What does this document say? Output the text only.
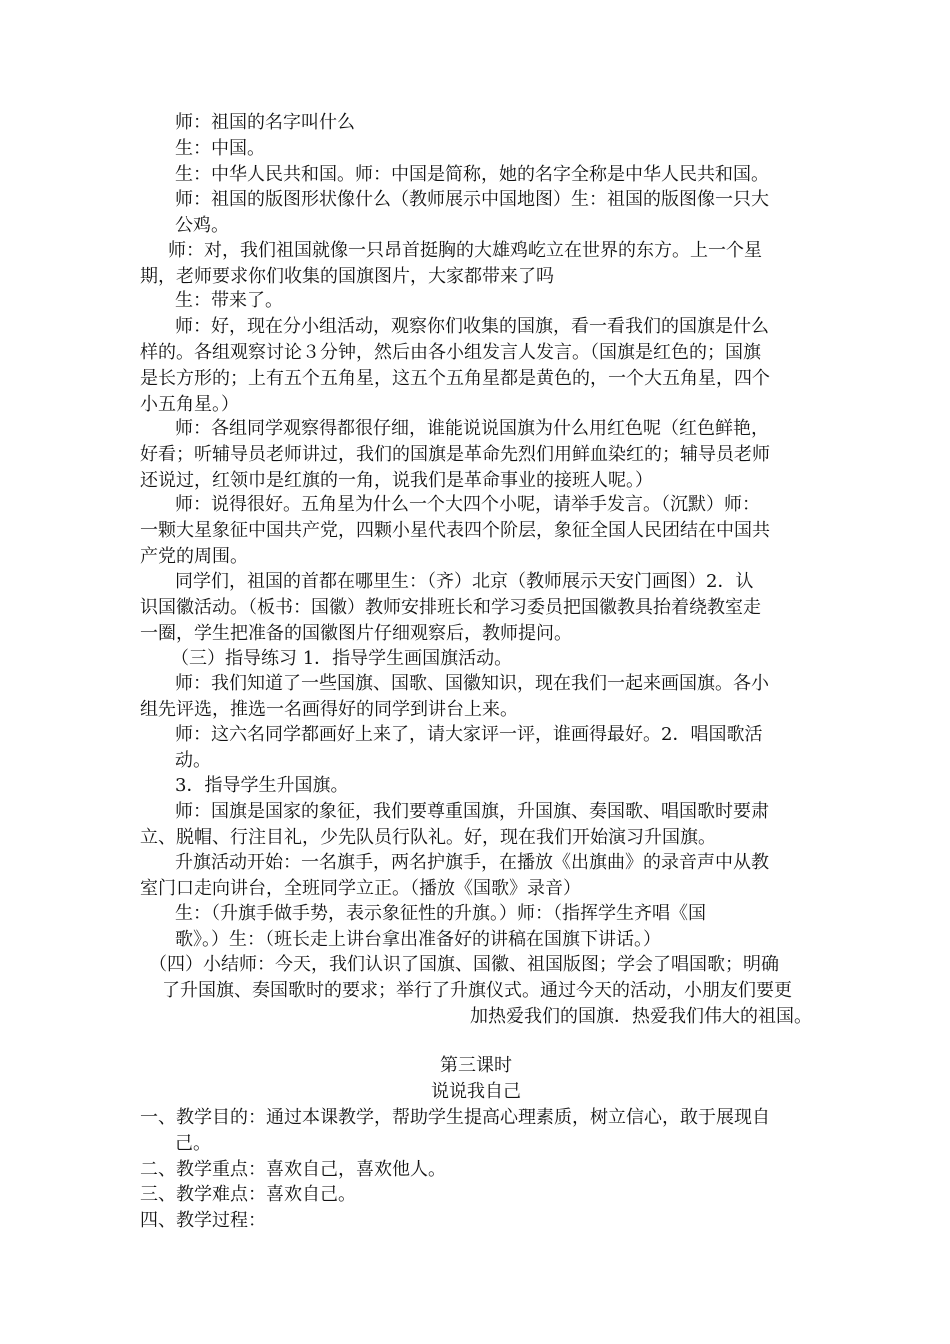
师：祖国的名字叫什么

生：中国。

生：中华人民共和国。师：中国是简称，她的名字全称是中华人民共和国。

师：祖国的版图形状像什么（教师展示中国地图）生：祖国的版图像一只大
公鸡。

师：对，我们祖国就像一只昂首挺胸的大雄鸡屹立在世界的东方。上一个星
期，老师要求你们收集的国旗图片，大家都带来了吗

生：带来了。

师：好，现在分小组活动，观察你们收集的国旗，看一看我们的国旗是什么
样的。各组观察讨论３分钟，然后由各小组发言人发言。（国旗是红色的；国旗
是长方形的；上有五个五角星，这五个五角星都是黄色的，一个大五角星，四个
小五角星。）

师：各组同学观察得都很仔细，谁能说说国旗为什么用红色呢（红色鲜艳，
好看；听辅导员老师讲过，我们的国旗是革命先烈们用鲜血染红的；辅导员老师
还说过，红领巾是红旗的一角，说我们是革命事业的接班人呢。）

师：说得很好。五角星为什么一个大四个小呢，请举手发言。（沉默）师：
一颗大星象征中国共产党，四颗小星代表四个阶层，象征全国人民团结在中国共
产党的周围。

同学们，祖国的首都在哪里生：（齐）北京（教师展示天安门画图）2．认
识国徽活动。（板书：国徽）教师安排班长和学习委员把国徽教具抬着绕教室走
一圈，学生把准备的国徽图片仔细观察后，教师提问。

（三）指导练习 1．指导学生画国旗活动。

师：我们知道了一些国旗、国歌、国徽知识，现在我们一起来画国旗。各小
组先评选，推选一名画得好的同学到讲台上来。

师：这六名同学都画好上来了，请大家评一评，谁画得最好。2．唱国歌活
动。

3．指导学生升国旗。

师：国旗是国家的象征，我们要尊重国旗，升国旗、奏国歌、唱国歌时要肃
立、脱帽、行注目礼，少先队员行队礼。好，现在我们开始演习升国旗。

升旗活动开始：一名旗手，两名护旗手，在播放《出旗曲》的录音声中从教
室门口走向讲台，全班同学立正。（播放《国歌》录音）

生：（升旗手做手势，表示象征性的升旗。）师：（指挥学生齐唱《国
歌》。）生：（班长走上讲台拿出准备好的讲稿在国旗下讲话。）

（四）小结师：今天，我们认识了国旗、国徽、祖国版图；学会了唱国歌；明确
了升国旗、奏国歌时的要求；举行了升旗仪式。通过今天的活动，小朋友们要更
加热爱我们的国旗．热爱我们伟大的祖国。

第三课时

说说我自己

一、教学目的：通过本课教学，帮助学生提高心理素质，树立信心，敢于展现自
己。

二、教学重点：喜欢自己，喜欢他人。

三、教学难点：喜欢自己。

四、教学过程：
